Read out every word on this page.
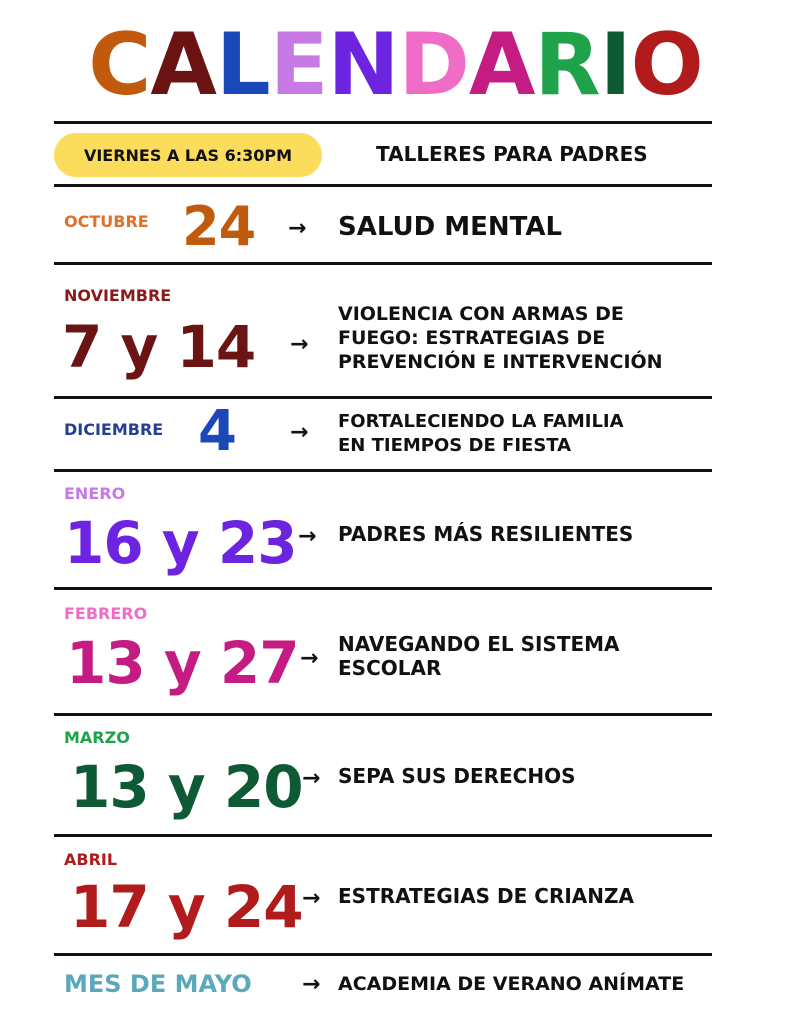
CALENDARIO
VIERNES A LAS 6:30PM	TALLERES PARA PADRES
OCTUBRE 24 → SALUD MENTAL
NOVIEMBRE
7 y 14 →
VIOLENCIA CON ARMAS DE
FUEGO: ESTRATEGIAS DE
PREVENCIÓN E INTERVENCIÓN
DICIEMBRE 4 → FORTALECIENDO LA FAMILIA
EN TIEMPOS DE FIESTA
ENERO
16 y 23 → PADRES MÁS RESILIENTES
FEBRERO
13 y 27 →
NAVEGANDO EL SISTEMA
ESCOLAR
MARZO
13 y 20 → SEPA SUS DERECHOS
ABRIL
17 y 24 → ESTRATEGIAS DE CRIANZA
MES DE MAYO → ACADEMIA DE VERANO ANÍMATE
